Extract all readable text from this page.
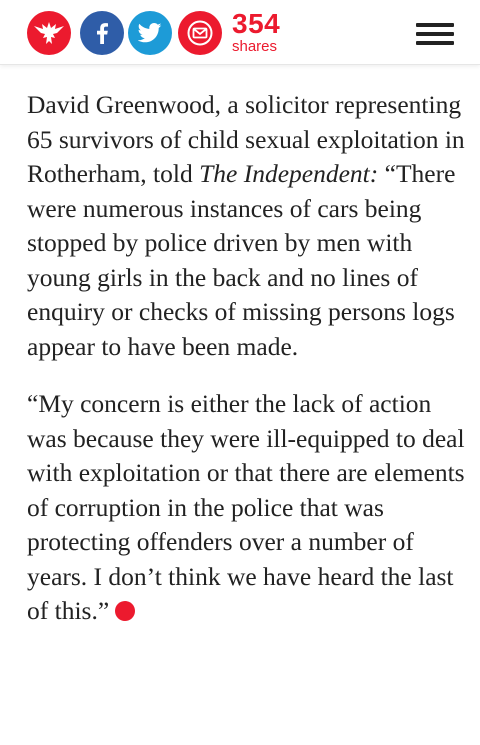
354
shares

David Greenwood, a solicitor representing 65 survivors of child sexual exploitation in Rotherham, told The Independent: “There were numerous instances of cars being stopped by police driven by men with young girls in the back and no lines of enquiry or checks of missing persons logs appear to have been made.

“My concern is either the lack of action was because they were ill-equipped to deal with exploitation or that there are elements of corruption in the police that was protecting offenders over a number of years. I don’t think we have heard the last of this.”
